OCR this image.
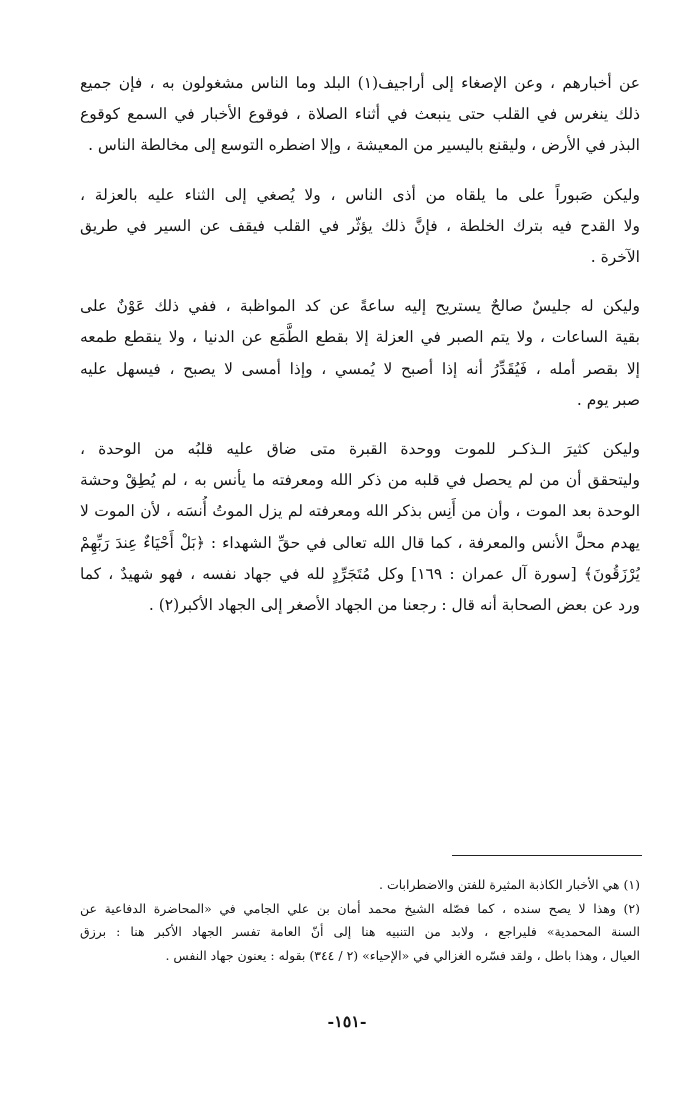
عن أخبارهم ، وعن الإصغاء إلى أراجيف(١) البلد وما الناس مشغولون به ، فإن جميع
ذلك ينغرس في القلب حتى ينبعث في أثناء الصلاة ، فوقوع الأخبار في السمع كوقوع
البذر في الأرض ، وليقنع باليسير من المعيشة ، وإلا اضطره التوسع إلى مخالطة الناس .

وليكن صَبوراً على ما يلقاه من أذى الناس ، ولا يُصغي إلى الثناء عليه بالعزلة ،
ولا القدح فيه بترك الخلطة ، فإنَّ ذلك يؤثّر في القلب فيقف عن السير في طريق
الآخرة .

وليكن له جليسٌ صالحٌ يستريح إليه ساعةً عن كد المواظبة ، ففي ذلك عَوْنٌ على
بقية الساعات ، ولا يتم الصبر في العزلة إلا بقطع الطَّمَع عن الدنيا ، ولا ينقطع طمعه
إلا بقصر أمله ، فَيُقَدِّرُ أنه إذا أصبح لا يُمسي ، وإذا أمسى لا يصبح ، فيسهل عليه
صبر يوم .

وليكن كثيرَ الـذكـر للموت ووحدة القبرة متى ضاق عليه قلبُه من الوحدة ،
وليتحقق أن من لم يحصل في قلبه من ذكر الله ومعرفته ما يأنس به ، لم يُطِقْ وحشة
الوحدة بعد الموت ، وأن من أَنِس بذكر الله ومعرفته لم يزل الموتُ أُنسَه ، لأن الموت لا
يهدم محلَّ الأنس والمعرفة ، كما قال الله تعالى في حقِّ الشهداء : ﴿بَلْ أَحْيَاءٌ عِندَ رَبِّهِمْ
يُرْزَقُونَ﴾ [سورة آل عمران : ١٦٩] وكل مُتَجَرِّدٍ لله في جهاد نفسه ، فهو شهيدٌ ، كما
ورد عن بعض الصحابة أنه قال : رجعنا من الجهاد الأصغر إلى الجهاد الأكبر(٢) .

(١) هي الأخبار الكاذبة المثيرة للفتن والاضطرابات .

(٢) وهذا لا يصح سنده ، كما فصّله الشيخ محمد أمان بن علي الجامي في «المحاضرة الدفاعية عن
السنة المحمدية» فليراجع ، ولابد من التنبيه هنا إلى أنّ العامة تفسر الجهاد الأكبر هنا : برزق
العيال ، وهذا باطل ، ولقد فسّره الغزالي في «الإحياء» (٢ / ٣٤٤) بقوله : يعنون جهاد النفس .

-١٥١-
